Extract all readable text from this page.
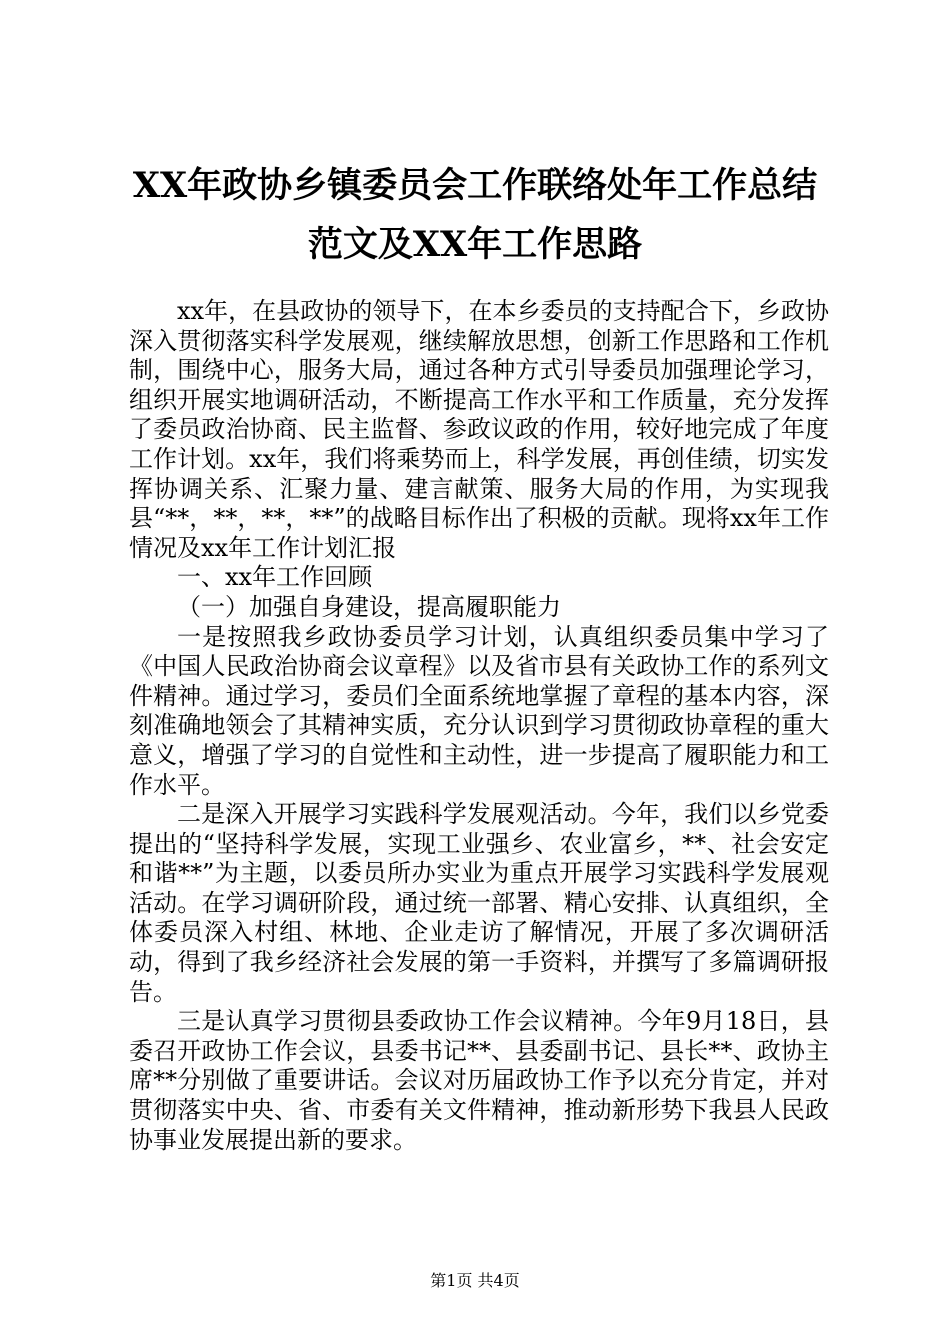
XX年政协乡镇委员会工作联络处年工作总结
范文及XX年工作思路

xx年，在县政协的领导下，在本乡委员的支持配合下，乡政协深入贯彻落实科学发展观，继续解放思想，创新工作思路和工作机制，围绕中心，服务大局，通过各种方式引导委员加强理论学习，组织开展实地调研活动，不断提高工作水平和工作质量，充分发挥了委员政治协商、民主监督、参政议政的作用，较好地完成了年度工作计划。xx年，我们将乘势而上，科学发展，再创佳绩，切实发挥协调关系、汇聚力量、建言献策、服务大局的作用，为实现我县“**，**，**，**”的战略目标作出了积极的贡献。现将xx年工作情况及xx年工作计划汇报

一、xx年工作回顾

（一）加强自身建设，提高履职能力

一是按照我乡政协委员学习计划，认真组织委员集中学习了《中国人民政治协商会议章程》以及省市县有关政协工作的系列文件精神。通过学习，委员们全面系统地掌握了章程的基本内容，深刻准确地领会了其精神实质，充分认识到学习贯彻政协章程的重大意义，增强了学习的自觉性和主动性，进一步提高了履职能力和工作水平。

二是深入开展学习实践科学发展观活动。今年，我们以乡党委提出的“坚持科学发展，实现工业强乡、农业富乡，**、社会安定和谐**”为主题，以委员所办实业为重点开展学习实践科学发展观活动。在学习调研阶段，通过统一部署、精心安排、认真组织，全体委员深入村组、林地、企业走访了解情况，开展了多次调研活动，得到了我乡经济社会发展的第一手资料，并撰写了多篇调研报告。

三是认真学习贯彻县委政协工作会议精神。今年9月18日，县委召开政协工作会议，县委书记**、县委副书记、县长**、政协主席**分别做了重要讲话。会议对历届政协工作予以充分肯定，并对贯彻落实中央、省、市委有关文件精神，推动新形势下我县人民政协事业发展提出新的要求。

第1页 共4页
